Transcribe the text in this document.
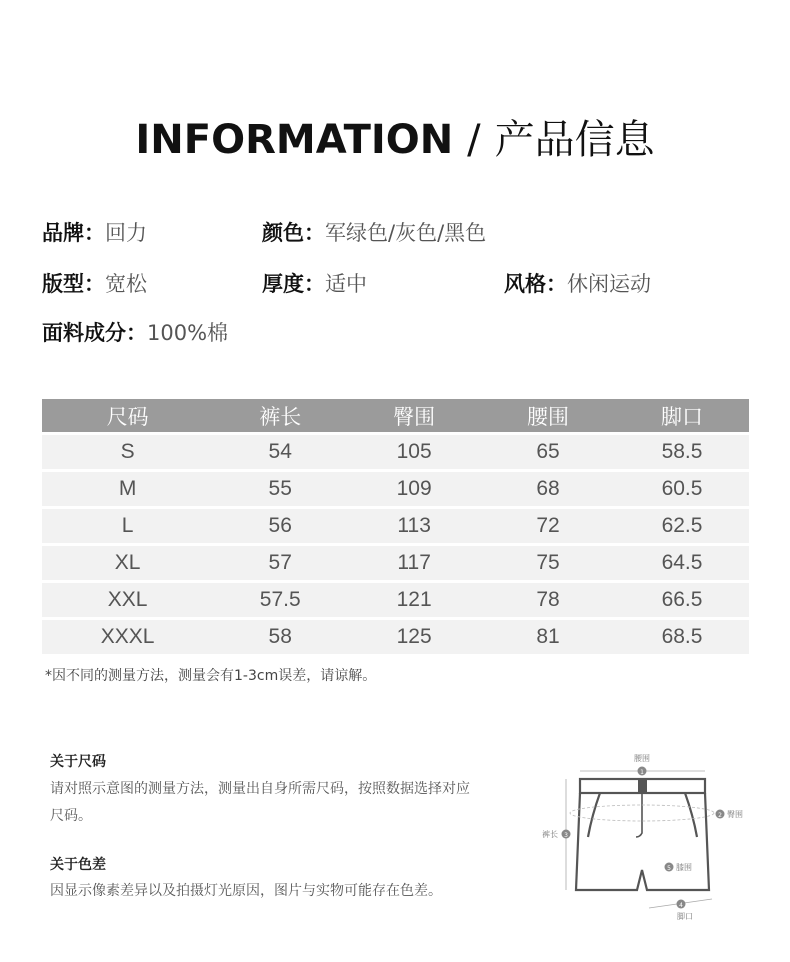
INFORMATION / 产品信息
品牌：回力	颜色：军绿色/灰色/黑色
版型：宽松	厚度：适中	风格：休闲运动
面料成分：100%棉
尺码	裤长	臀围	腰围	脚口
S	54	105	65	58.5
M	55	109	68	60.5
L	56	113	72	62.5
XL	57	117	75	64.5
XXL	57.5	121	78	66.5
XXXL	58	125	81	68.5
*因不同的测量方法，测量会有1-3cm误差，请谅解。
关于尺码
请对照示意图的测量方法，测量出自身所需尺码，按照数据选择对应尺码。
关于色差
因显示像素差异以及拍摄灯光原因，图片与实物可能存在色差。
腰围
1
2 臀围
3
裤长
5 膝围
4
脚口
